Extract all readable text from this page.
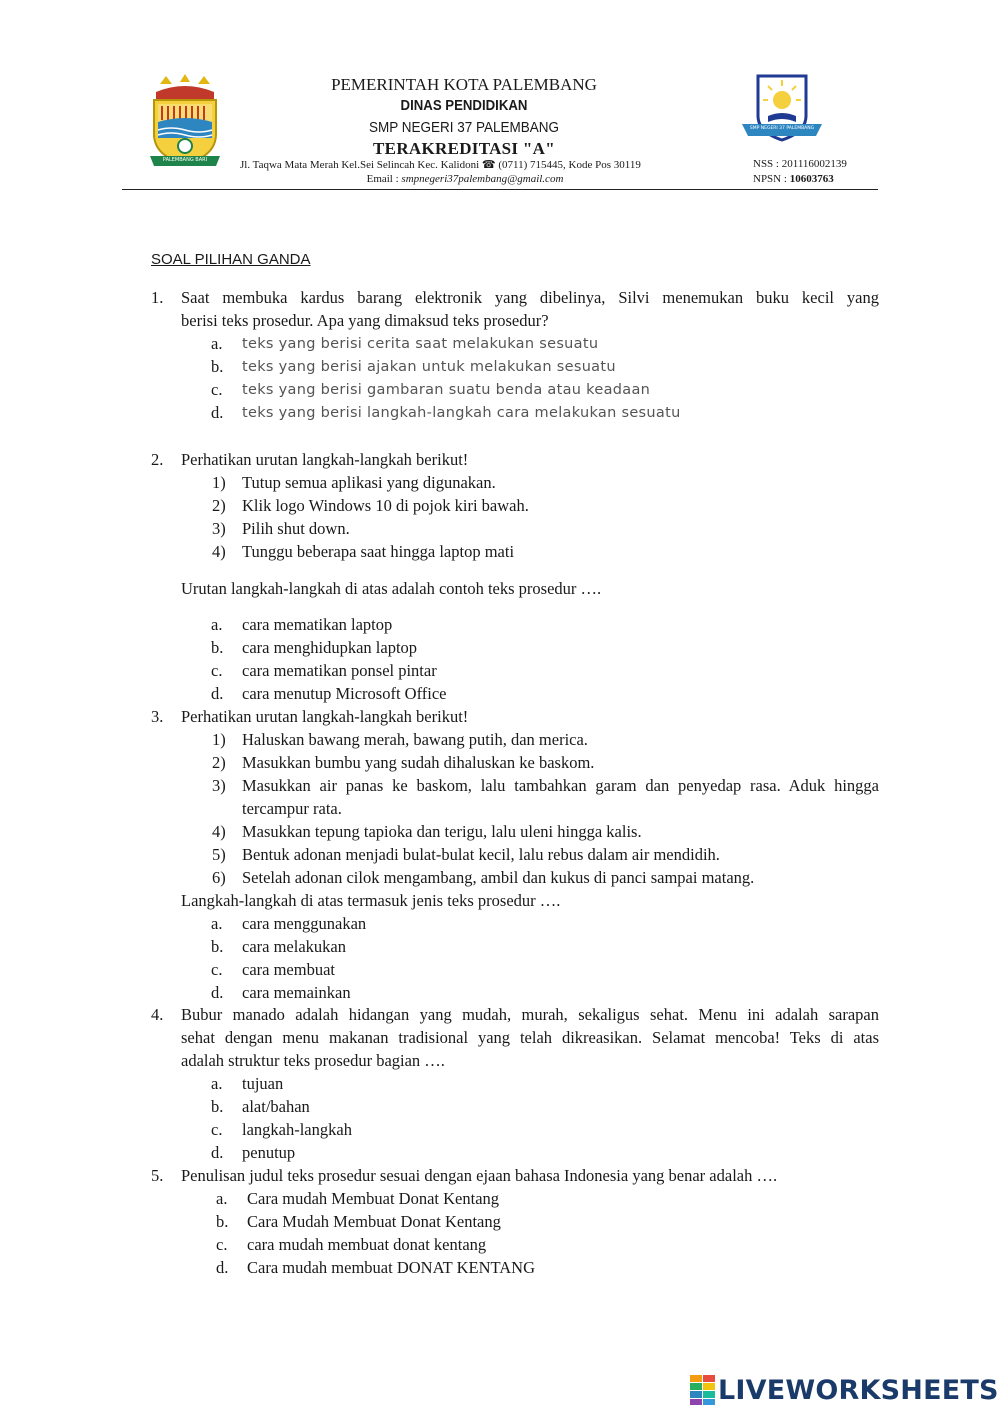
PALEMBANG BARI
PEMERINTAH KOTA PALEMBANG
DINAS PENDIDIKAN
SMP NEGERI 37 PALEMBANG
TERAKREDITASI "A"
SMP NEGERI 37 PALEMBANG
Jl. Taqwa Mata Merah Kel.Sei Selincah Kec. Kalidoni ☎ (0711) 715445, Kode Pos 30119
Email : smpnegeri37palembang@gmail.com
NSS : 201116002139
NPSN : 10603763
SOAL PILIHAN GANDA
1. Saat membuka kardus barang elektronik yang dibelinya, Silvi menemukan buku kecil yang
berisi teks prosedur. Apa yang dimaksud teks prosedur?
a. teks yang berisi cerita saat melakukan sesuatu
b. teks yang berisi ajakan untuk melakukan sesuatu
c. teks yang berisi gambaran suatu benda atau keadaan
d. teks yang berisi langkah-langkah cara melakukan sesuatu
2. Perhatikan urutan langkah-langkah berikut!
1) Tutup semua aplikasi yang digunakan.
2) Klik logo Windows 10 di pojok kiri bawah.
3) Pilih shut down.
4) Tunggu beberapa saat hingga laptop mati
Urutan langkah-langkah di atas adalah contoh teks prosedur ….
a. cara mematikan laptop
b. cara menghidupkan laptop
c. cara mematikan ponsel pintar
d. cara menutup Microsoft Office
3. Perhatikan urutan langkah-langkah berikut!
1) Haluskan bawang merah, bawang putih, dan merica.
2) Masukkan bumbu yang sudah dihaluskan ke baskom.
3) Masukkan air panas ke baskom, lalu tambahkan garam dan penyedap rasa. Aduk hingga
tercampur rata.
4) Masukkan tepung tapioka dan terigu, lalu uleni hingga kalis.
5) Bentuk adonan menjadi bulat-bulat kecil, lalu rebus dalam air mendidih.
6) Setelah adonan cilok mengambang, ambil dan kukus di panci sampai matang.
Langkah-langkah di atas termasuk jenis teks prosedur ….
a. cara menggunakan
b. cara melakukan
c. cara membuat
d. cara memainkan
4. Bubur manado adalah hidangan yang mudah, murah, sekaligus sehat. Menu ini adalah sarapan
sehat dengan menu makanan tradisional yang telah dikreasikan. Selamat mencoba! Teks di atas
adalah struktur teks prosedur bagian ….
a. tujuan
b. alat/bahan
c. langkah-langkah
d. penutup
5. Penulisan judul teks prosedur sesuai dengan ejaan bahasa Indonesia yang benar adalah ….
a. Cara mudah Membuat Donat Kentang
b. Cara Mudah Membuat Donat Kentang
c. cara mudah membuat donat kentang
d. Cara mudah membuat DONAT KENTANG
LIVEWORKSHEETS
